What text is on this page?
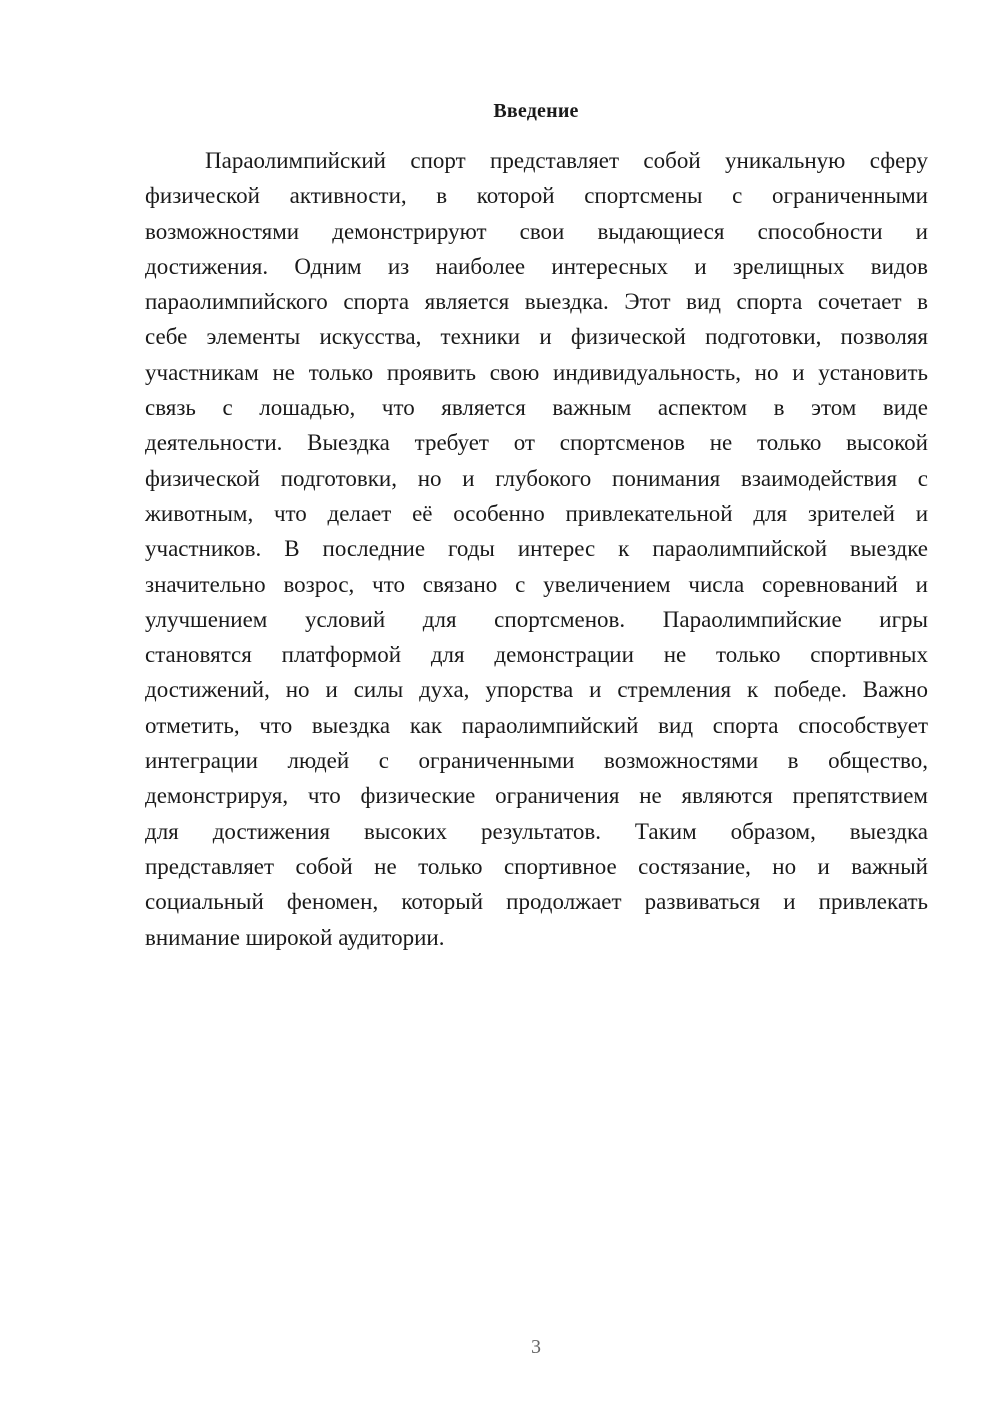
Введение
Параолимпийский спорт представляет собой уникальную сферу
физической активности, в которой спортсмены с ограниченными
возможностями демонстрируют свои выдающиеся способности и
достижения. Одним из наиболее интересных и зрелищных видов
параолимпийского спорта является выездка. Этот вид спорта сочетает в
себе элементы искусства, техники и физической подготовки, позволяя
участникам не только проявить свою индивидуальность, но и установить
связь с лошадью, что является важным аспектом в этом виде
деятельности. Выездка требует от спортсменов не только высокой
физической подготовки, но и глубокого понимания взаимодействия с
животным, что делает её особенно привлекательной для зрителей и
участников. В последние годы интерес к параолимпийской выездке
значительно возрос, что связано с увеличением числа соревнований и
улучшением условий для спортсменов. Параолимпийские игры
становятся платформой для демонстрации не только спортивных
достижений, но и силы духа, упорства и стремления к победе. Важно
отметить, что выездка как параолимпийский вид спорта способствует
интеграции людей с ограниченными возможностями в общество,
демонстрируя, что физические ограничения не являются препятствием
для достижения высоких результатов. Таким образом, выездка
представляет собой не только спортивное состязание, но и важный
социальный феномен, который продолжает развиваться и привлекать
внимание широкой аудитории.
3
